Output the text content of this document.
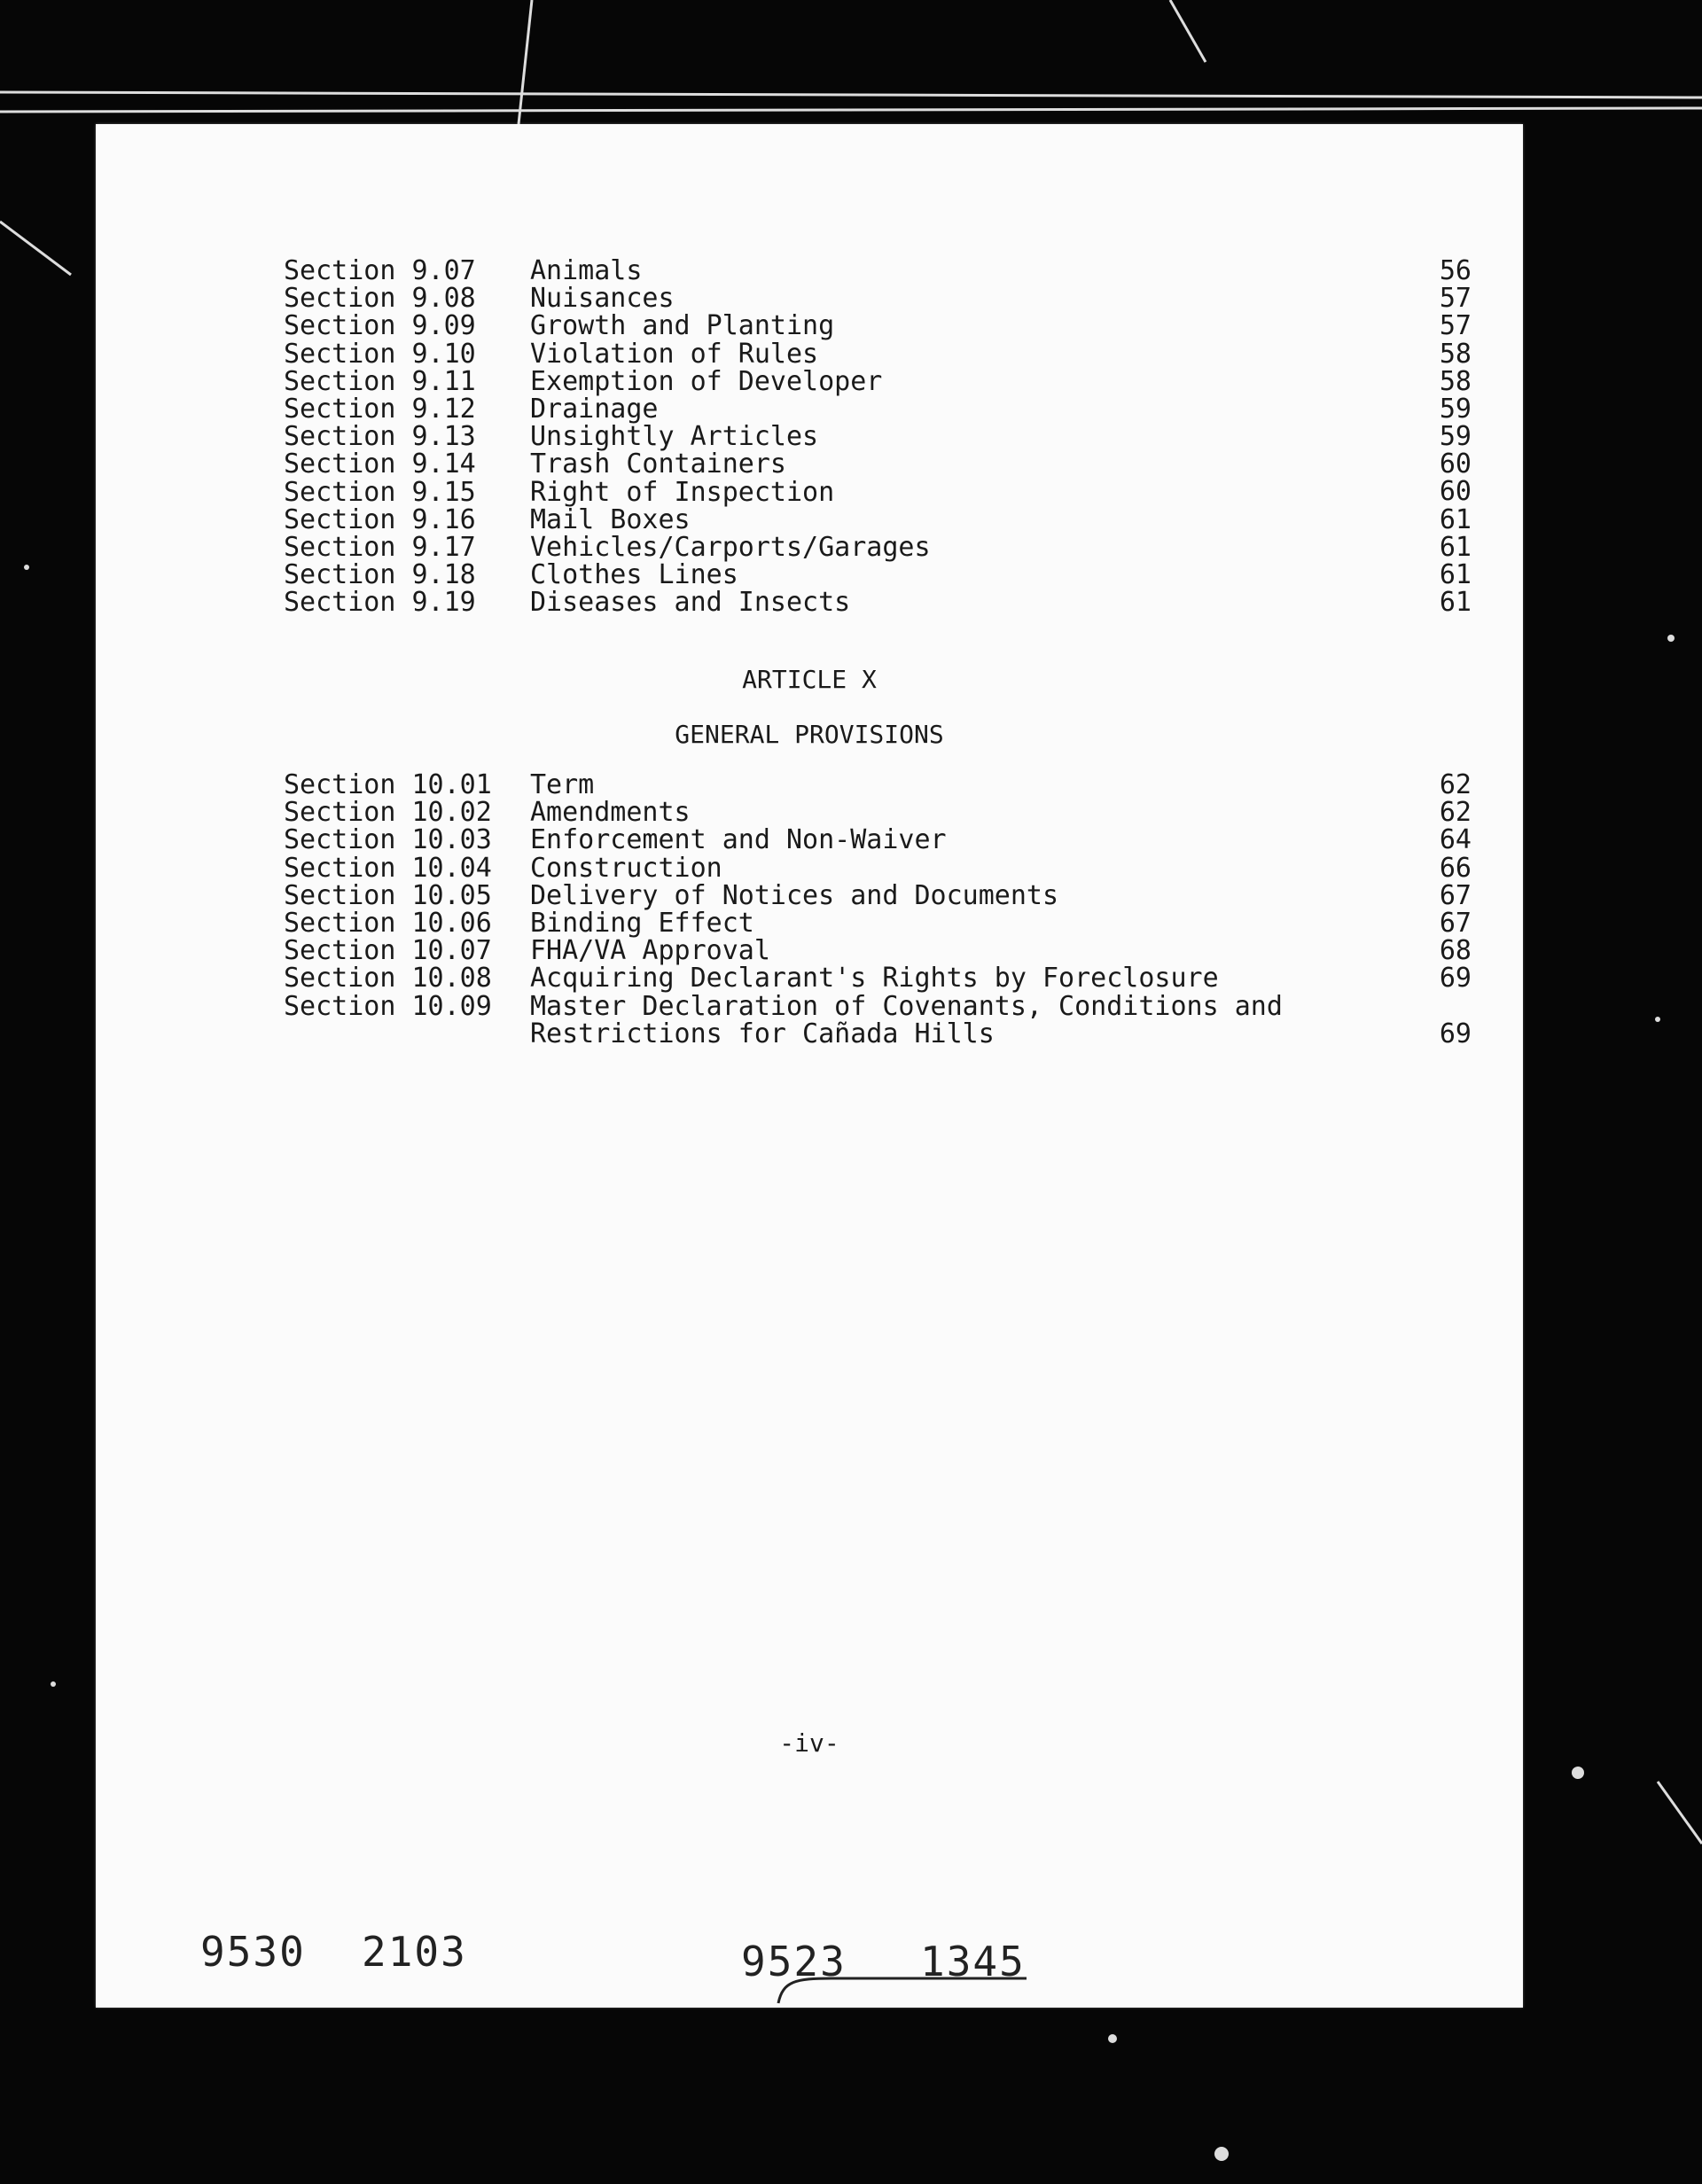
Section 9.07 Animals	56
Section 9.08 Nuisances	57
Section 9.09 Growth and Planting	57
Section 9.10 Violation of Rules	58
Section 9.11 Exemption of Developer	58
Section 9.12 Drainage	59
Section 9.13 Unsightly Articles	59
Section 9.14 Trash Containers	60
Section 9.15 Right of Inspection	60
Section 9.16 Mail Boxes	61
Section 9.17 Vehicles/Carports/Garages	61
Section 9.18 Clothes Lines	61
Section 9.19 Diseases and Insects	61
ARTICLE X
GENERAL PROVISIONS
Section 10.01 Term	62
Section 10.02 Amendments	62
Section 10.03 Enforcement and Non-Waiver	64
Section 10.04 Construction	66
Section 10.05 Delivery of Notices and Documents	67
Section 10.06 Binding Effect	67
Section 10.07 FHA/VA Approval	68
Section 10.08 Acquiring Declarant's Rights by Foreclosure	69
Section 10.09 Master Declaration of Covenants, Conditions and Restrictions for Cañada Hills	69
-iv-
9530 2103	9523 1345
